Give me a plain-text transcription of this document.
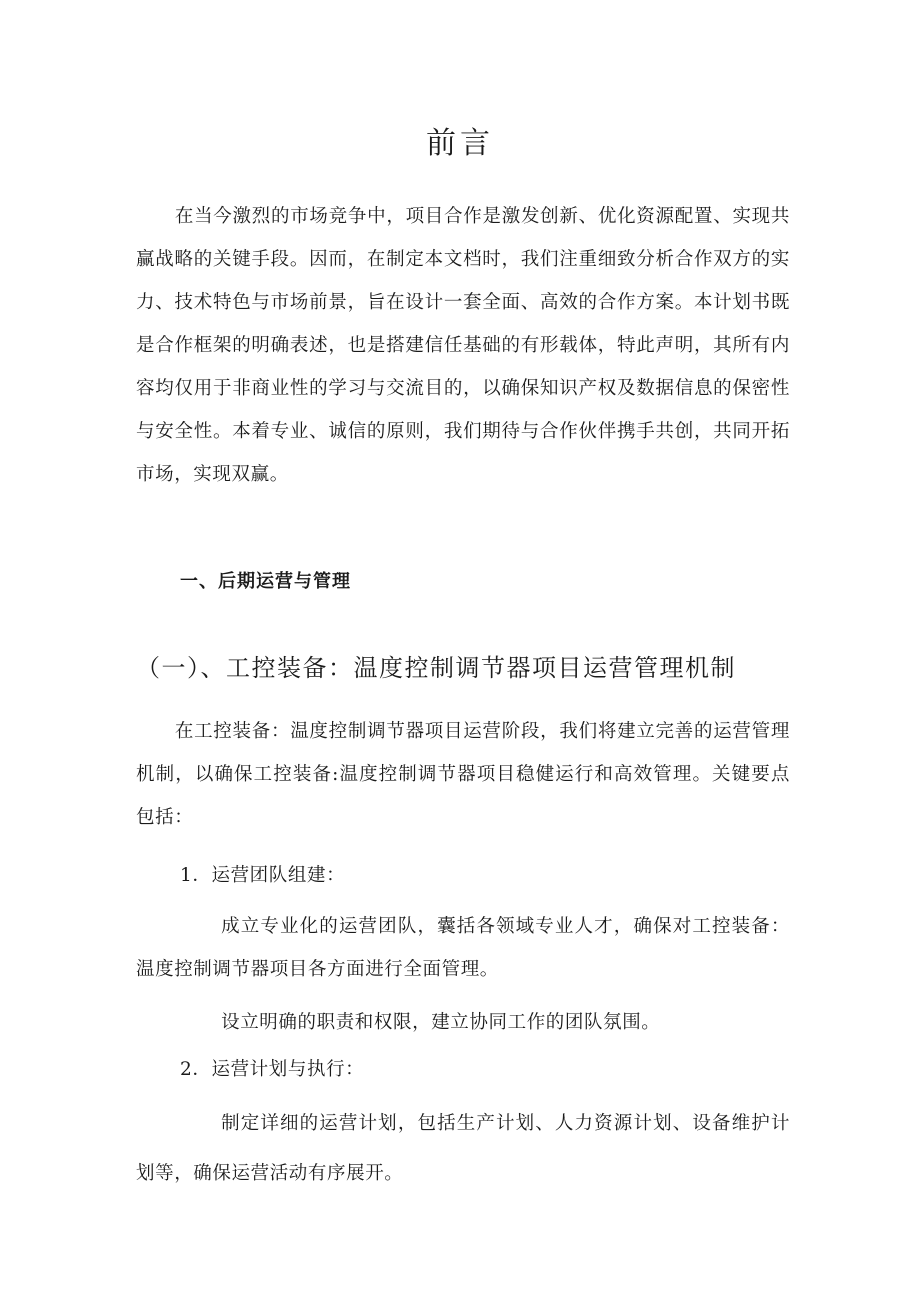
前言

在当今激烈的市场竞争中，项目合作是激发创新、优化资源配置、实现共赢战略的关键手段。因而，在制定本文档时，我们注重细致分析合作双方的实力、技术特色与市场前景，旨在设计一套全面、高效的合作方案。本计划书既是合作框架的明确表述，也是搭建信任基础的有形载体，特此声明，其所有内容均仅用于非商业性的学习与交流目的，以确保知识产权及数据信息的保密性与安全性。本着专业、诚信的原则，我们期待与合作伙伴携手共创，共同开拓市场，实现双赢。

一、后期运营与管理
（一）、工控装备：温度控制调节器项目运营管理机制

在工控装备：温度控制调节器项目运营阶段，我们将建立完善的运营管理机制，以确保工控装备:温度控制调节器项目稳健运行和高效管理。关键要点包括：

1．运营团队组建：

成立专业化的运营团队，囊括各领域专业人才，确保对工控装备：温度控制调节器项目各方面进行全面管理。

设立明确的职责和权限，建立协同工作的团队氛围。

2．运营计划与执行：

制定详细的运营计划，包括生产计划、人力资源计划、设备维护计划等，确保运营活动有序展开。
